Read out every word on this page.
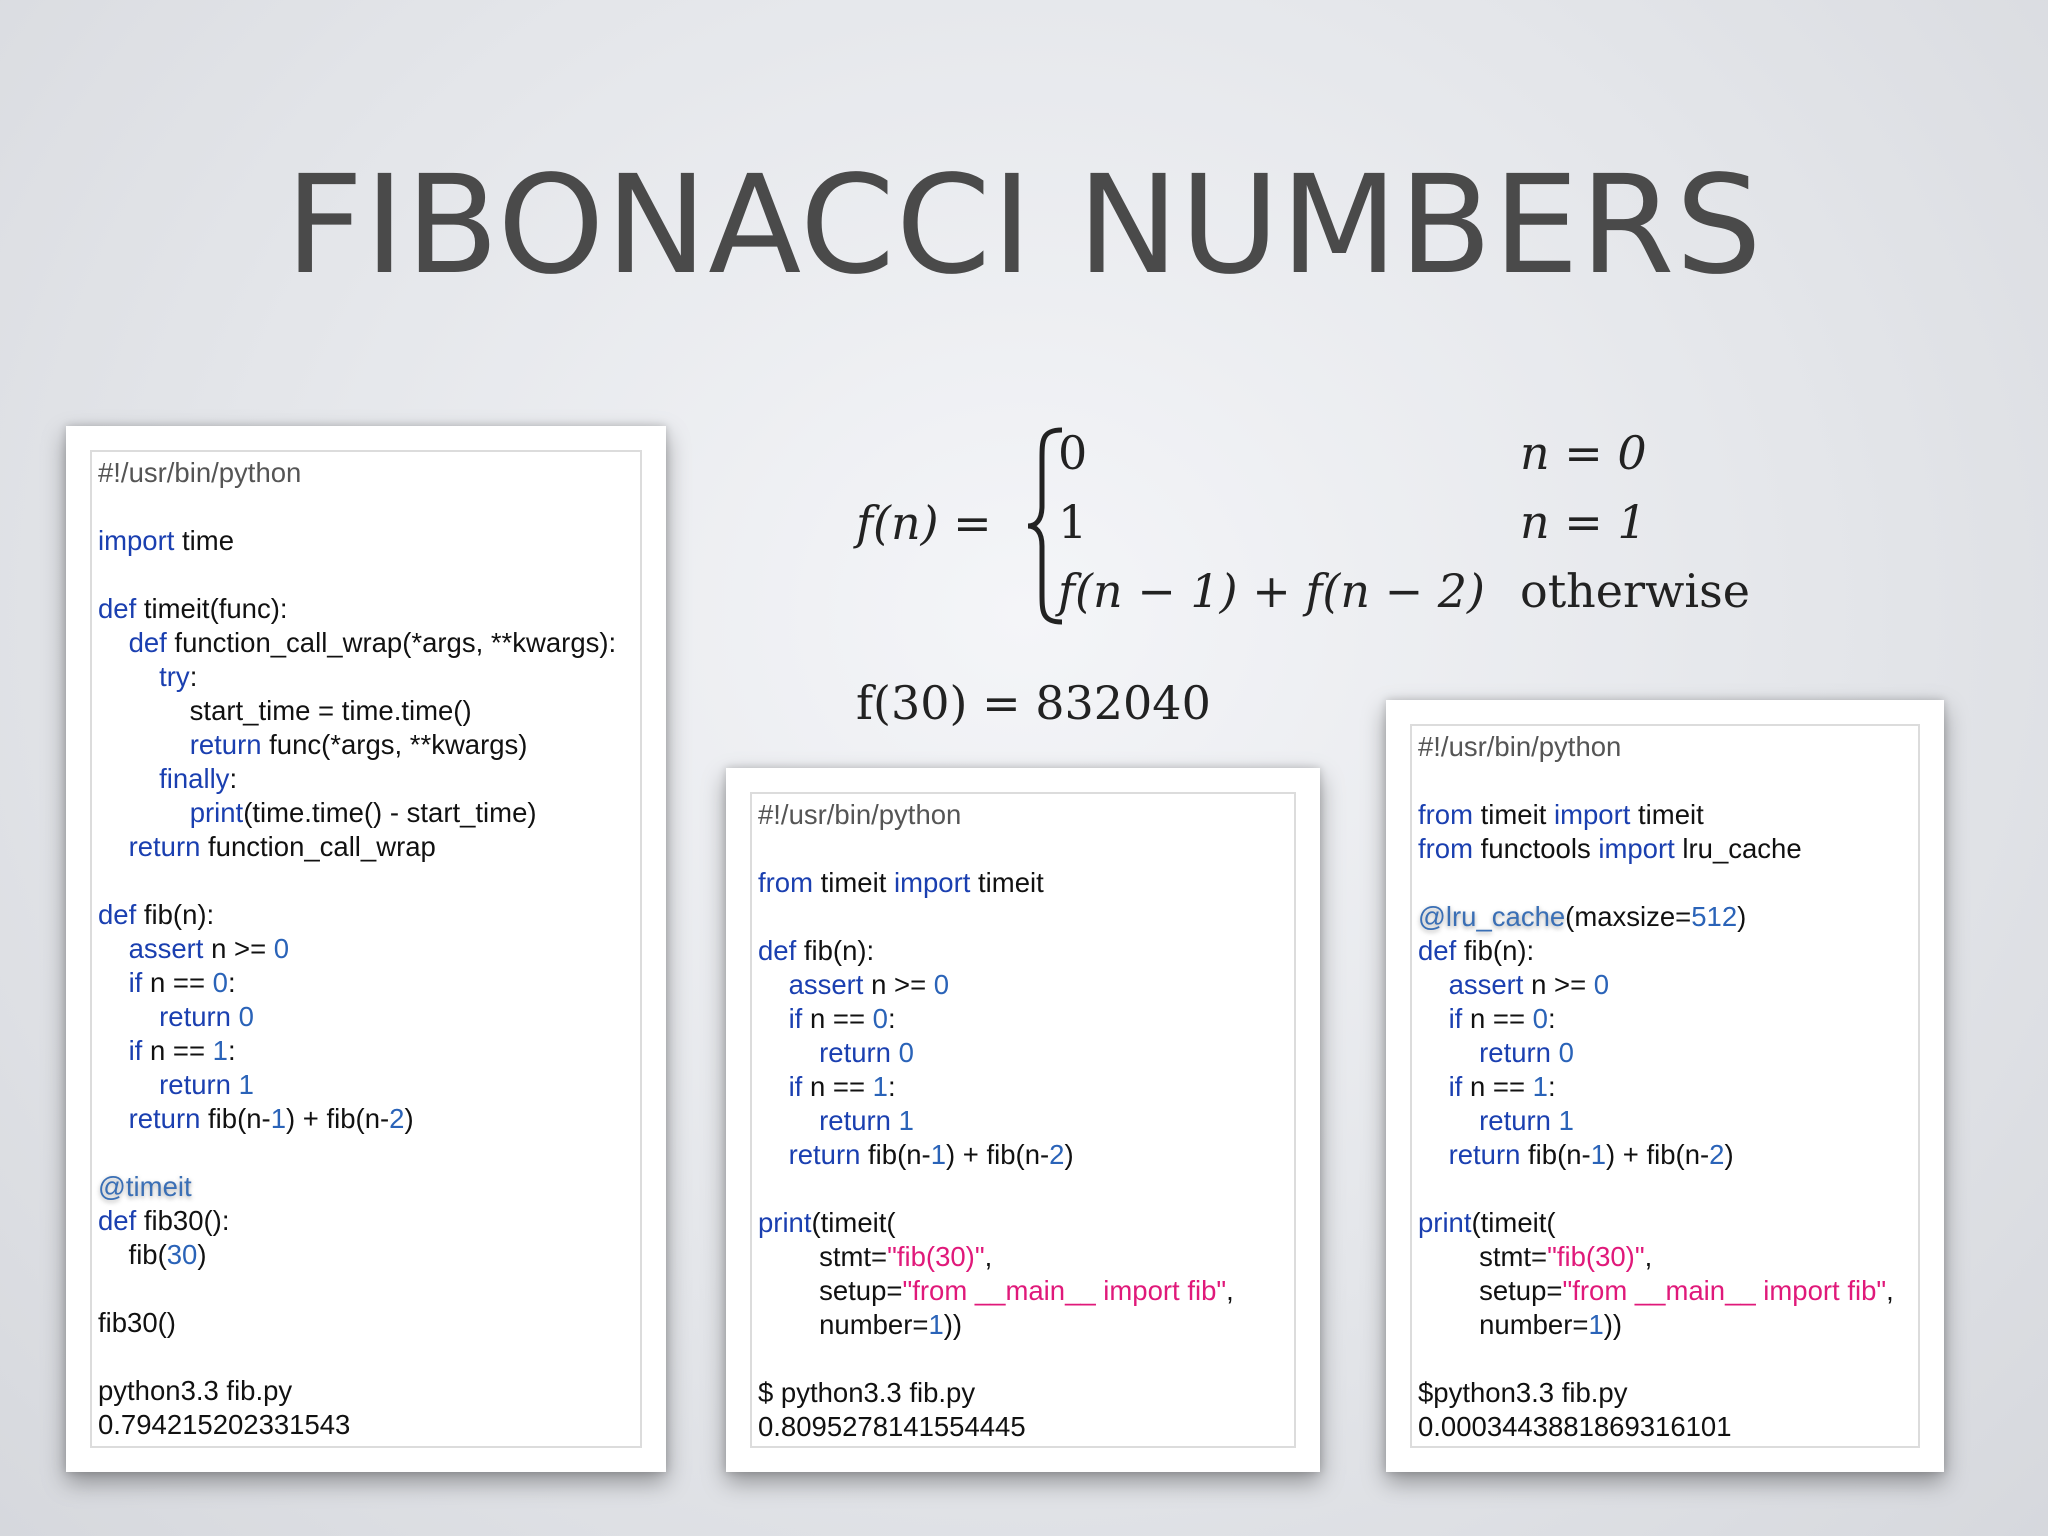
FIBONACCI NUMBERS
f(n) =
0
1
f(n − 1) + f(n − 2)
n = 0
n = 1
otherwise
f(30) = 832040
#!/usr/bin/python

import time

def timeit(func):
def function_call_wrap(*args, **kwargs):
try:
start_time = time.time()
return func(*args, **kwargs)
finally:
print(time.time() - start_time)
return function_call_wrap

def fib(n):
assert n >= 0
if n == 0:
return 0
if n == 1:
return 1
return fib(n-1) + fib(n-2)

@timeit
def fib30():
fib(30)

fib30()

python3.3 fib.py
0.794215202331543
#!/usr/bin/python

from timeit import timeit

def fib(n):
assert n >= 0
if n == 0:
return 0
if n == 1:
return 1
return fib(n-1) + fib(n-2)

print(timeit(
stmt="fib(30)",
setup="from __main__ import fib",
number=1))

$ python3.3 fib.py
0.8095278141554445
#!/usr/bin/python

from timeit import timeit
from functools import lru_cache

@lru_cache(maxsize=512)
def fib(n):
assert n >= 0
if n == 0:
return 0
if n == 1:
return 1
return fib(n-1) + fib(n-2)

print(timeit(
stmt="fib(30)",
setup="from __main__ import fib",
number=1))

$python3.3 fib.py
0.0003443881869316101
